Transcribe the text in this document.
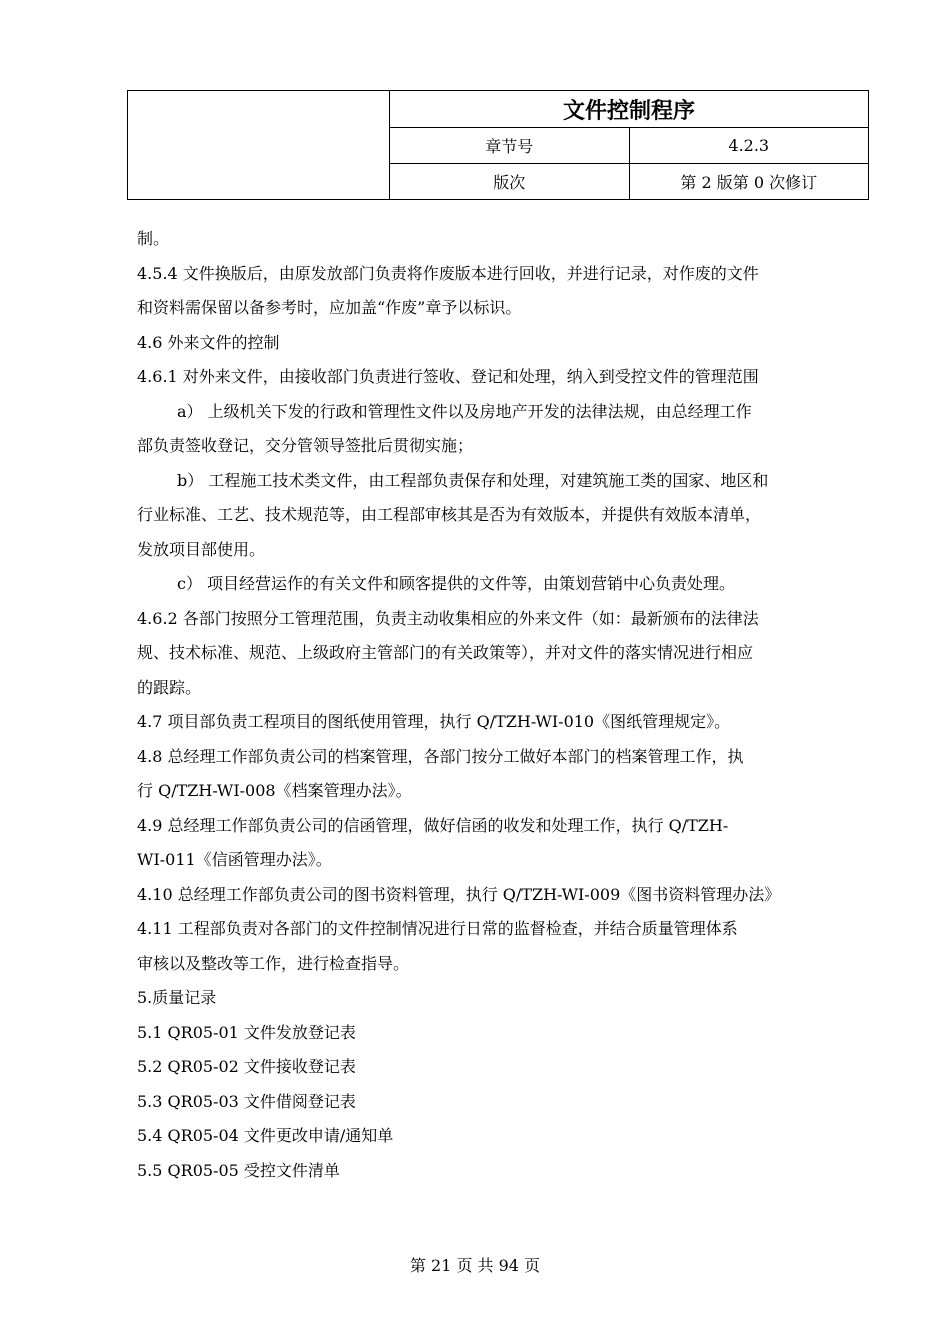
	文件控制程序	
	章节号	4.2.3
	版次	第 2 版第 0 次修订

制。

4.5.4 文件换版后，由原发放部门负责将作废版本进行回收，并进行记录，对作废的文件

和资料需保留以备参考时，应加盖“作废”章予以标识。

4.6 外来文件的控制

4.6.1 对外来文件，由接收部门负责进行签收、登记和处理，纳入到受控文件的管理范围

a） 上级机关下发的行政和管理性文件以及房地产开发的法律法规，由总经理工作

部负责签收登记，交分管领导签批后贯彻实施；

b） 工程施工技术类文件，由工程部负责保存和处理，对建筑施工类的国家、地区和

行业标准、工艺、技术规范等，由工程部审核其是否为有效版本，并提供有效版本清单，

发放项目部使用。

c） 项目经营运作的有关文件和顾客提供的文件等，由策划营销中心负责处理。

4.6.2 各部门按照分工管理范围，负责主动收集相应的外来文件（如：最新颁布的法律法

规、技术标准、规范、上级政府主管部门的有关政策等），并对文件的落实情况进行相应

的跟踪。

4.7 项目部负责工程项目的图纸使用管理，执行 Q/TZH-WI-010《图纸管理规定》。

4.8 总经理工作部负责公司的档案管理，各部门按分工做好本部门的档案管理工作，执

行 Q/TZH-WI-008《档案管理办法》。

4.9 总经理工作部负责公司的信函管理，做好信函的收发和处理工作，执行 Q/TZH-

WI-011《信函管理办法》。

4.10 总经理工作部负责公司的图书资料管理，执行 Q/TZH-WI-009《图书资料管理办法》

4.11 工程部负责对各部门的文件控制情况进行日常的监督检查，并结合质量管理体系

审核以及整改等工作，进行检查指导。

5.质量记录

5.1 QR05-01 文件发放登记表

5.2 QR05-02 文件接收登记表

5.3 QR05-03 文件借阅登记表

5.4 QR05-04 文件更改申请/通知单

5.5 QR05-05 受控文件清单

第 21 页 共 94 页
